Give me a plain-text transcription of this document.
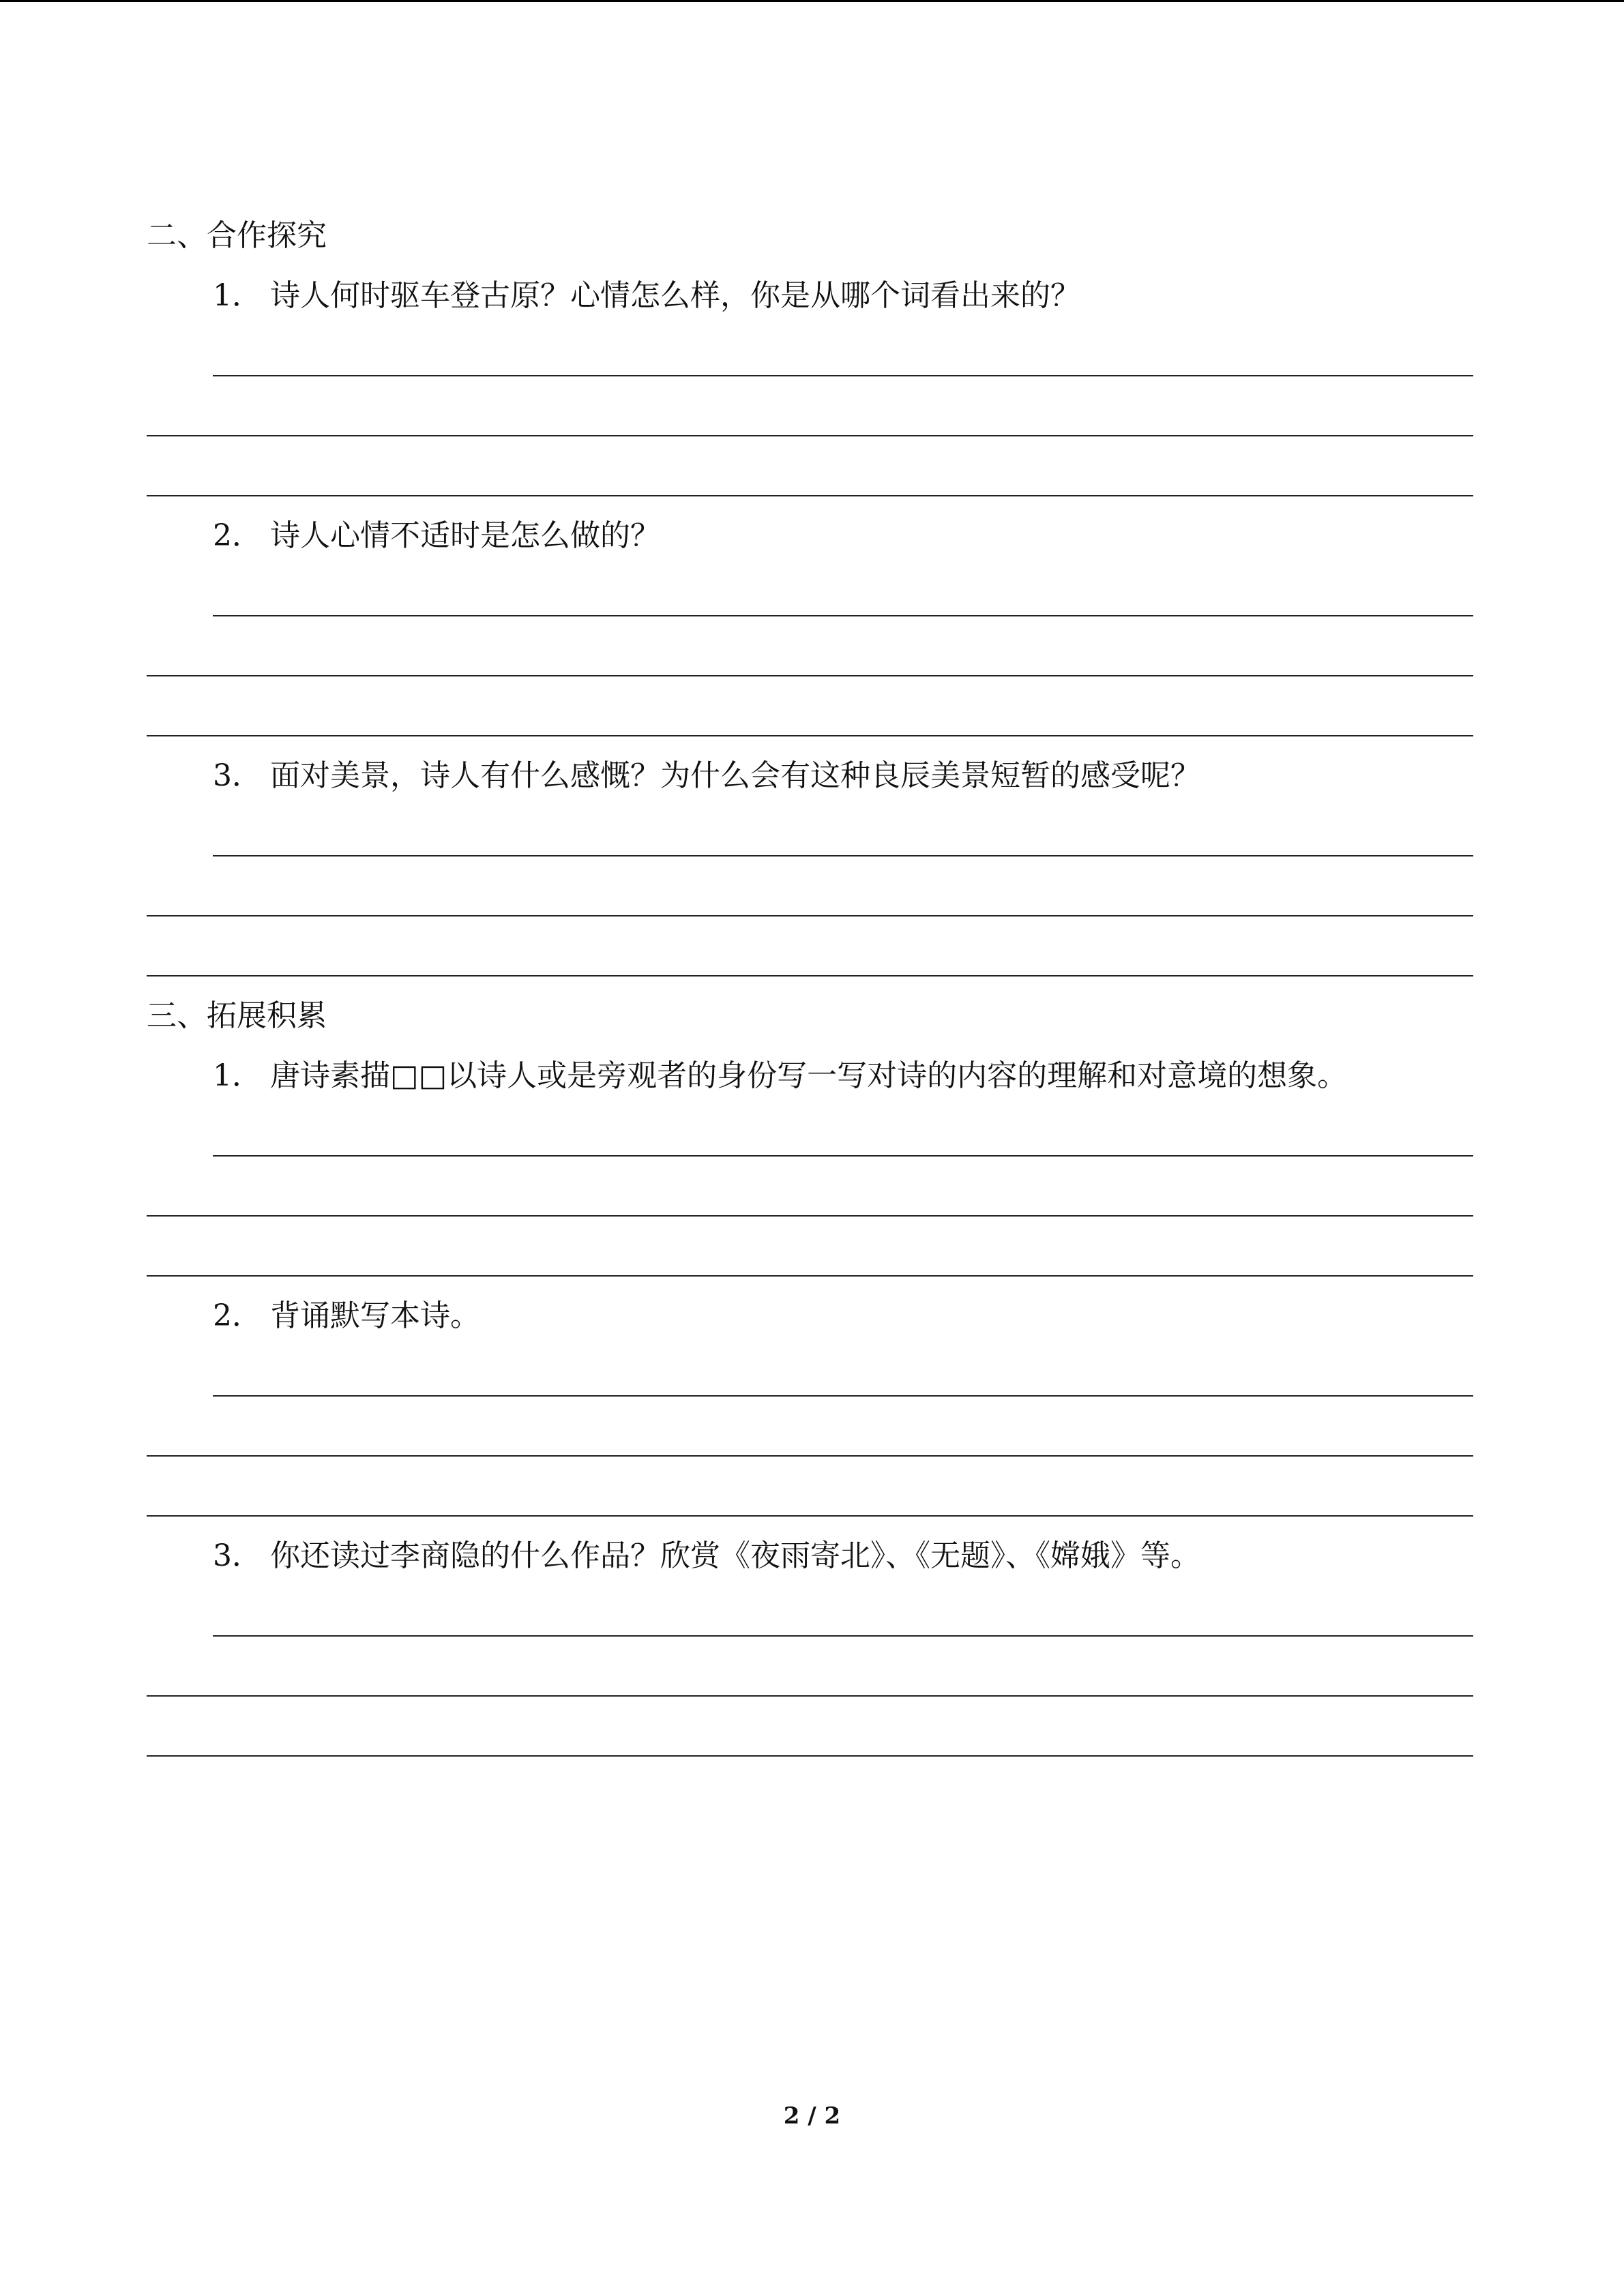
二、合作探究
1． 诗人何时驱车登古原？心情怎么样，你是从哪个词看出来的？
2． 诗人心情不适时是怎么做的？
3． 面对美景，诗人有什么感慨？为什么会有这种良辰美景短暂的感受呢？
三、拓展积累
1． 唐诗素描□□以诗人或是旁观者的身份写一写对诗的内容的理解和对意境的想象。
2． 背诵默写本诗。
3． 你还读过李商隐的什么作品？欣赏《夜雨寄北》、《无题》、《嫦娥》等。
2 / 2
